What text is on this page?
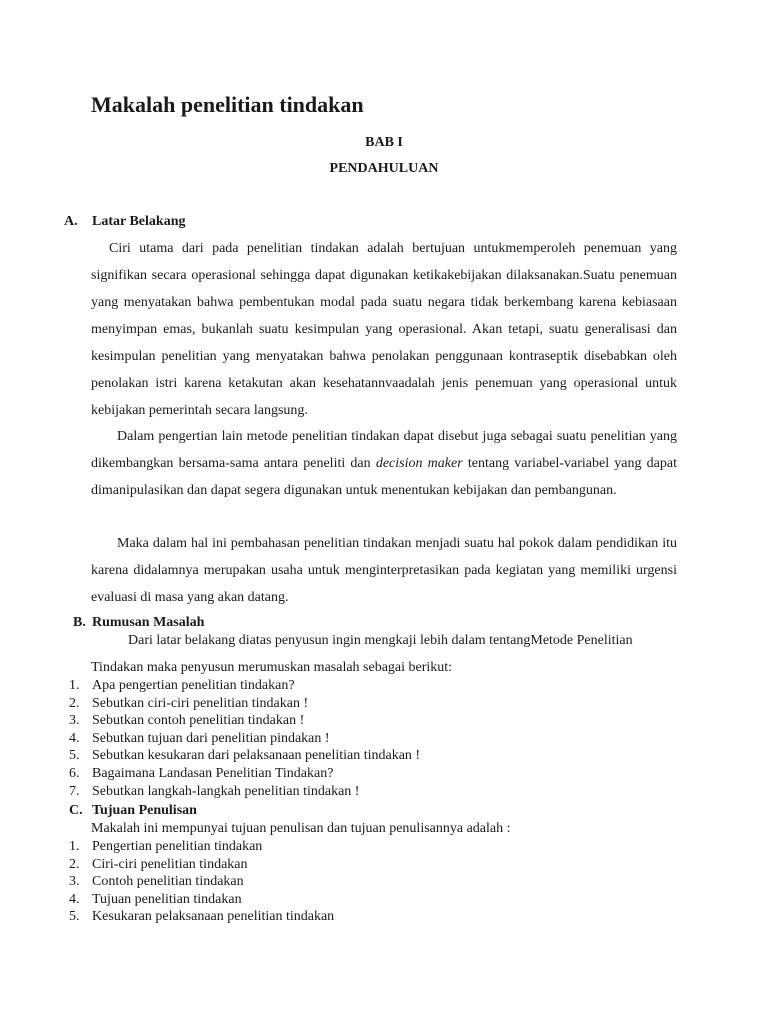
Makalah penelitian tindakan

BAB I

PENDAHULUAN

A. Latar Belakang

Ciri utama dari pada penelitian tindakan adalah bertujuan untukmemperoleh penemuan yang signifikan secara operasional sehingga dapat digunakan ketikakebijakan dilaksanakan.Suatu penemuan yang menyatakan bahwa pembentukan modal pada suatu negara tidak berkembang karena kebiasaan menyimpan emas, bukanlah suatu kesimpulan yang operasional. Akan tetapi, suatu generalisasi dan kesimpulan penelitian yang menyatakan bahwa penolakan penggunaan kontraseptik disebabkan oleh penolakan istri karena ketakutan akan kesehatannvaadalah jenis penemuan yang operasional untuk kebijakan pemerintah secara langsung.

Dalam pengertian lain metode penelitian tindakan dapat disebut juga sebagai suatu penelitian yang dikembangkan bersama-sama antara peneliti dan decision maker tentang variabel-variabel yang dapat dimanipulasikan dan dapat segera digunakan untuk menentukan kebijakan dan pembangunan.

Maka dalam hal ini pembahasan penelitian tindakan menjadi suatu hal pokok dalam pendidikan itu karena didalamnya merupakan usaha untuk menginterpretasikan pada kegiatan yang memiliki urgensi evaluasi di masa yang akan datang.

B. Rumusan Masalah

Dari latar belakang diatas penyusun ingin mengkaji lebih dalam tentangMetode Penelitian

Tindakan maka penyusun merumuskan masalah sebagai berikut:

1. Apa pengertian penelitian tindakan?
2. Sebutkan ciri-ciri penelitian tindakan !
3. Sebutkan contoh penelitian tindakan !
4. Sebutkan tujuan dari penelitian pindakan !
5. Sebutkan kesukaran dari pelaksanaan penelitian tindakan !
6. Bagaimana Landasan Penelitian Tindakan?
7. Sebutkan langkah-langkah penelitian tindakan !

C. Tujuan Penulisan

Makalah ini mempunyai tujuan penulisan dan tujuan penulisannya adalah :

1. Pengertian penelitian tindakan
2. Ciri-ciri penelitian tindakan
3. Contoh penelitian tindakan
4. Tujuan penelitian tindakan
5. Kesukaran pelaksanaan penelitian tindakan
